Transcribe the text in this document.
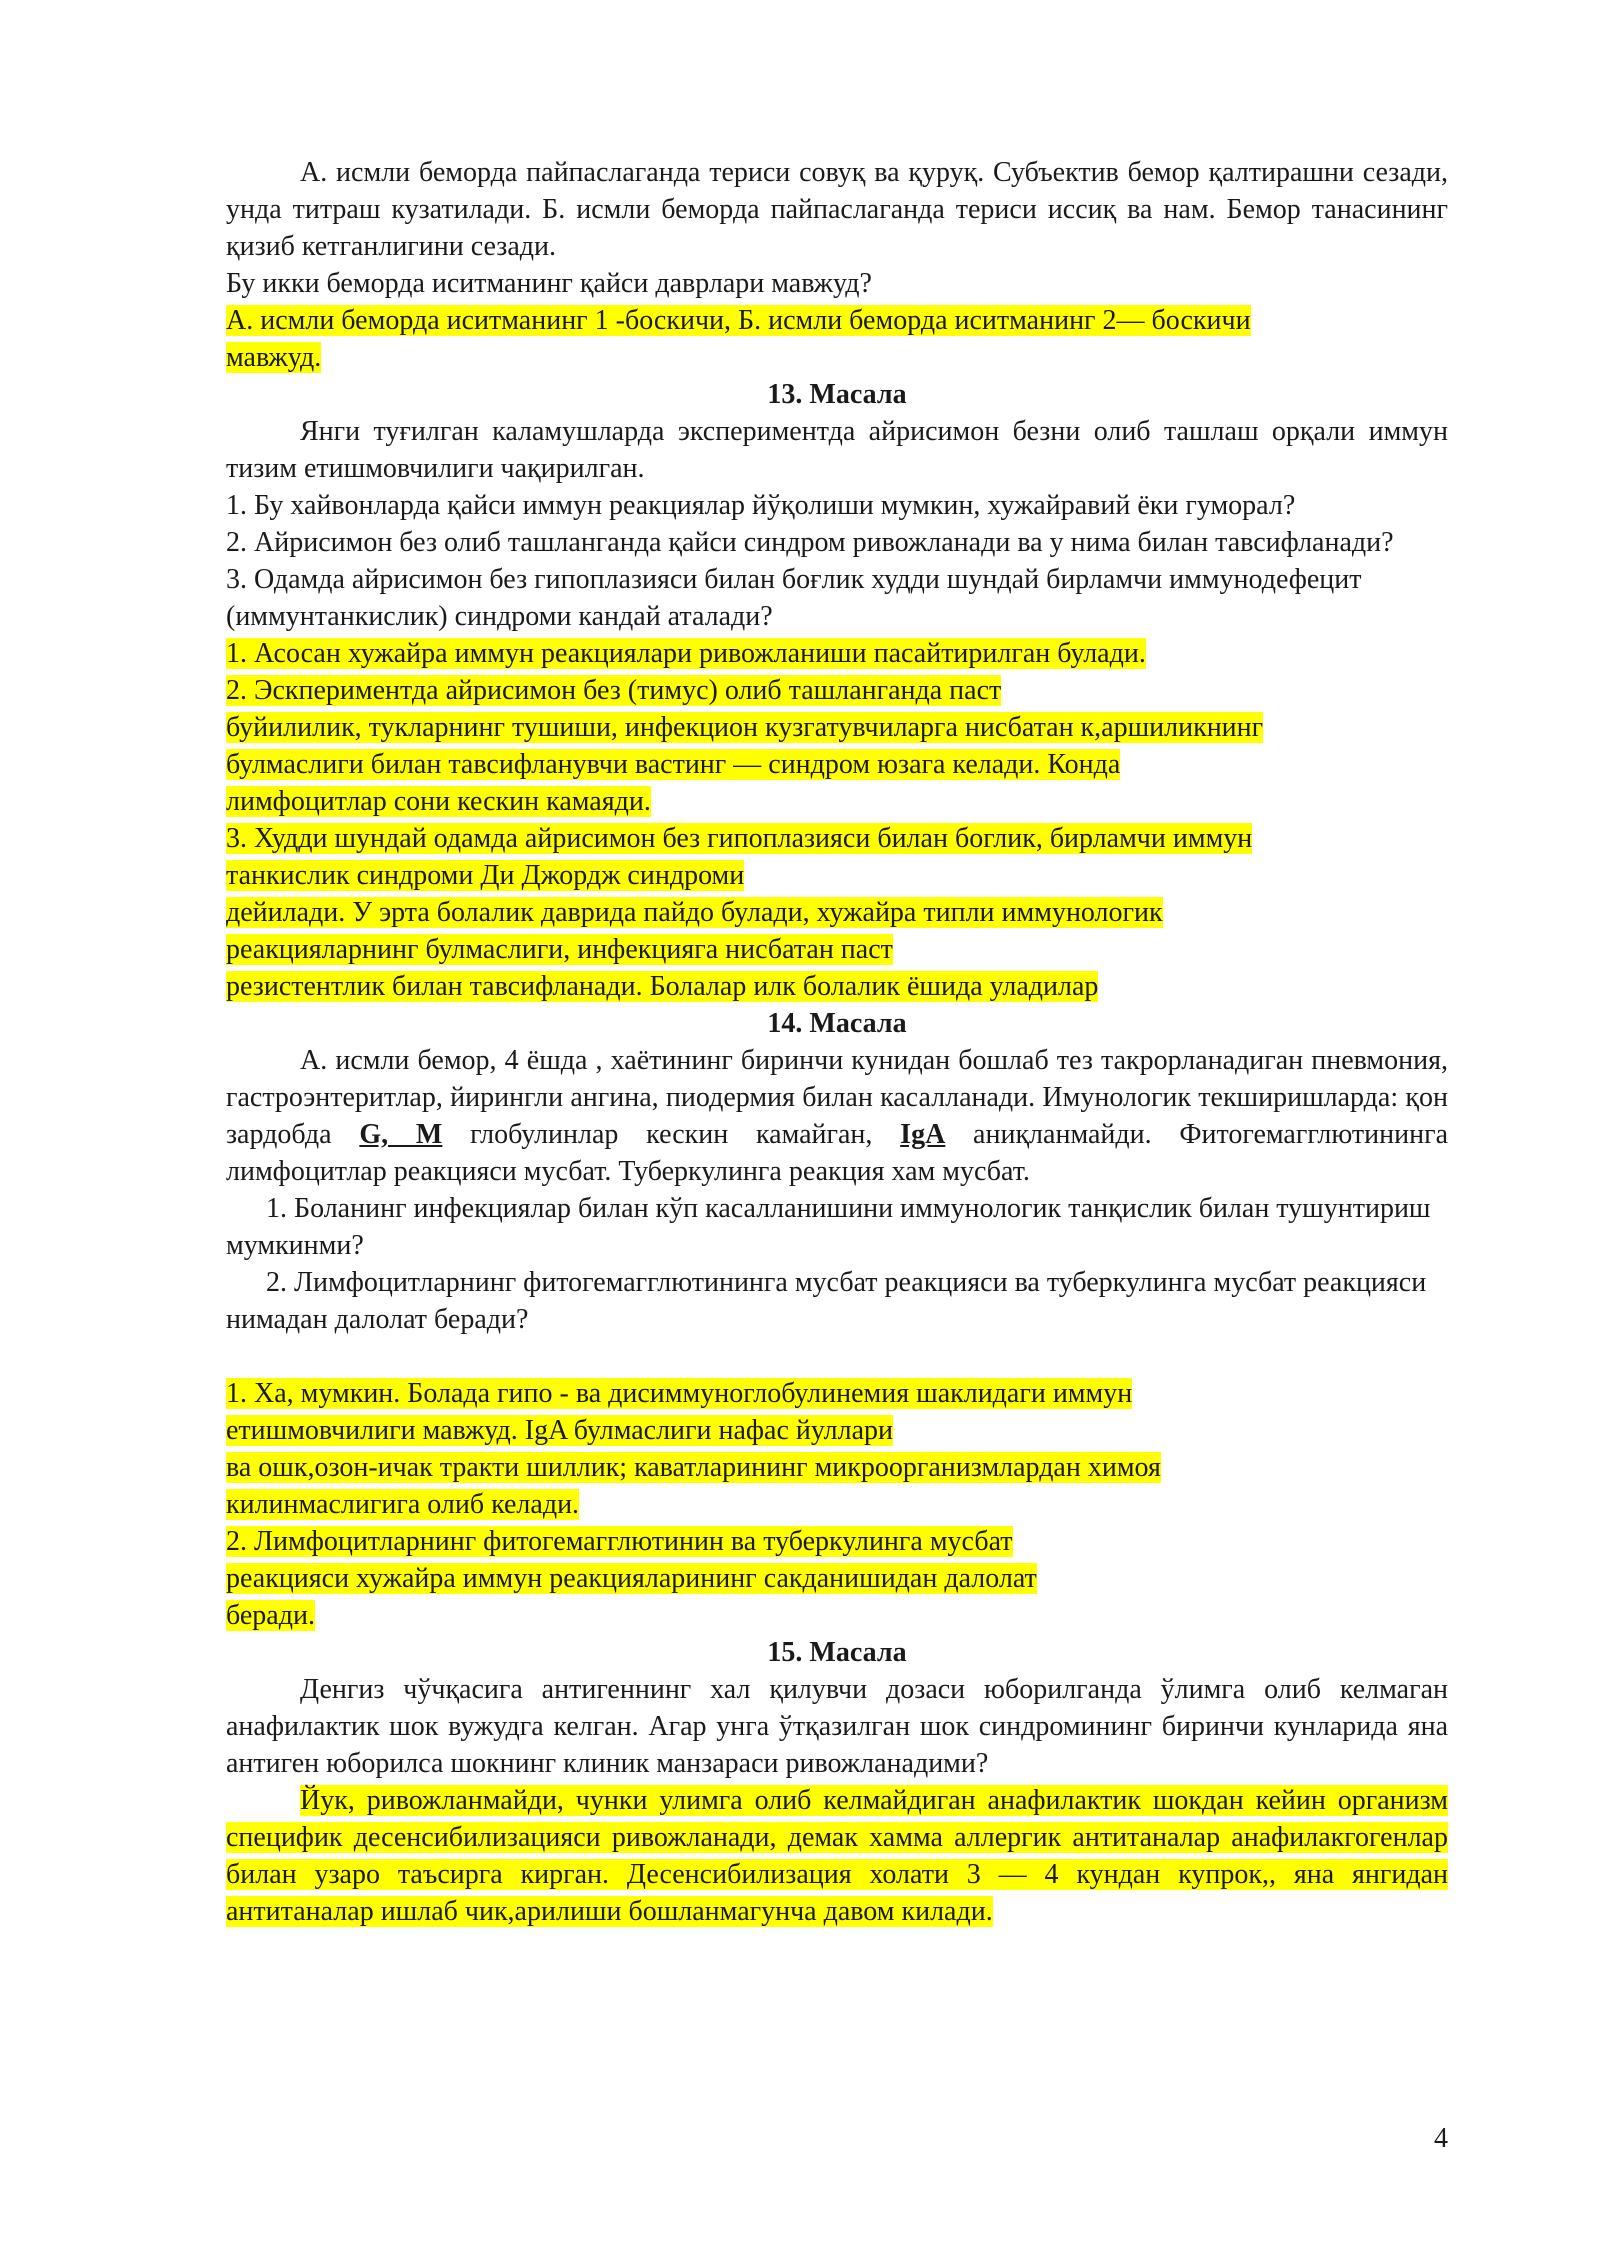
А. исмли беморда пайпаслаганда териси совуқ ва қуруқ. Субъектив бемор қалтирашни сезади, унда титраш кузатилади. Б. исмли беморда пайпаслаганда териси иссиқ ва нам. Бемор танасининг қизиб кетганлигини сезади.

Бу икки беморда иситманинг қайси даврлари мавжуд?

А. исмли беморда иситманинг 1 -боскичи, Б. исмли беморда иситманинг 2— боскичи
мавжуд.

13. Масала

Янги туғилган каламушларда экспериментда айрисимон безни олиб ташлаш орқали иммун тизим етишмовчилиги чақирилган.

1. Бу хайвонларда қайси иммун реакциялар йўқолиши мумкин, хужайравий ёки гуморал?

2. Айрисимон без олиб ташланганда қайси синдром ривожланади ва у нима билан тавсифланади?

3. Одамда айрисимон без гипоплазияси билан боғлик худди шундай бирламчи иммунодефецит (иммунтанкислик) синдроми кандай аталади?

1. Асосан хужайра иммун реакциялари ривожланиши пасайтирилган булади.
2. Эскпериментда айрисимон без (тимус) олиб ташланганда паст
буйилилик, тукларнинг тушиши, инфекцион кузгатувчиларга нисбатан к,аршиликнинг
булмаслиги билан тавсифланувчи вастинг — синдром юзага келади. Конда
лимфоцитлар сони кескин камаяди.
3. Худди шундай одамда айрисимон без гипоплазияси билан боглик, бирламчи иммун
танкислик синдроми Ди Джордж синдроми
дейилади. У эрта болалик даврида пайдо булади, хужайра типли иммунологик
реакцияларнинг булмаслиги, инфекцияга нисбатан паст
резистентлик билан тавсифланади. Болалар илк болалик ёшида уладилар

14. Масала

А. исмли бемор, 4 ёшда , хаётининг биринчи кунидан бошлаб тез такрорланадиган пневмония, гастроэнтеритлар, йирингли ангина, пиодермия билан касалланади. Имунологик текширишларда: қон зардобда G, M глобулинлар кескин камайган, IgA аниқланмайди. Фитогемагглютининга лимфоцитлар реакцияси мусбат. Туберкулинга реакция хам мусбат.

1. Боланинг инфекциялар билан кўп касалланишини иммунологик танқислик билан тушунтириш мумкинми?

2. Лимфоцитларнинг фитогемагглютининга мусбат реакцияси ва туберкулинга мусбат реакцияси нимадан далолат беради?

1. Ха, мумкин. Болада гипо - ва дисиммуноглобулинемия шаклидаги иммун
етишмовчилиги мавжуд. IgA булмаслиги нафас йуллари
ва ошк,озон-ичак тракти шиллик; каватларининг микроорганизмлардан химоя
килинмаслигига олиб келади.
2. Лимфоцитларнинг фитогемагглютинин ва туберкулинга мусбат
реакцияси хужайра иммун реакцияларининг сакданишидан далолат
беради.

15. Масала

Денгиз чўчқасига антигеннинг хал қилувчи дозаси юборилганда ўлимга олиб келмаган анафилактик шок вужудга келган. Агар унга ўтқазилган шок синдромининг биринчи кунларида яна антиген юборилса шокнинг клиник манзараси ривожланадими?

Йук, ривожланмайди, чунки улимга олиб келмайдиган анафилактик шокдан кейин организм специфик десенсибилизацияси ривожланади, демак хамма аллергик антитаналар анафилакгогенлар билан узаро таъсирга кирган. Десенсибилизация холати 3 — 4 кундан купрок,, яна янгидан антитаналар ишлаб чик,арилиши бошланмагунча давом килади.

4
